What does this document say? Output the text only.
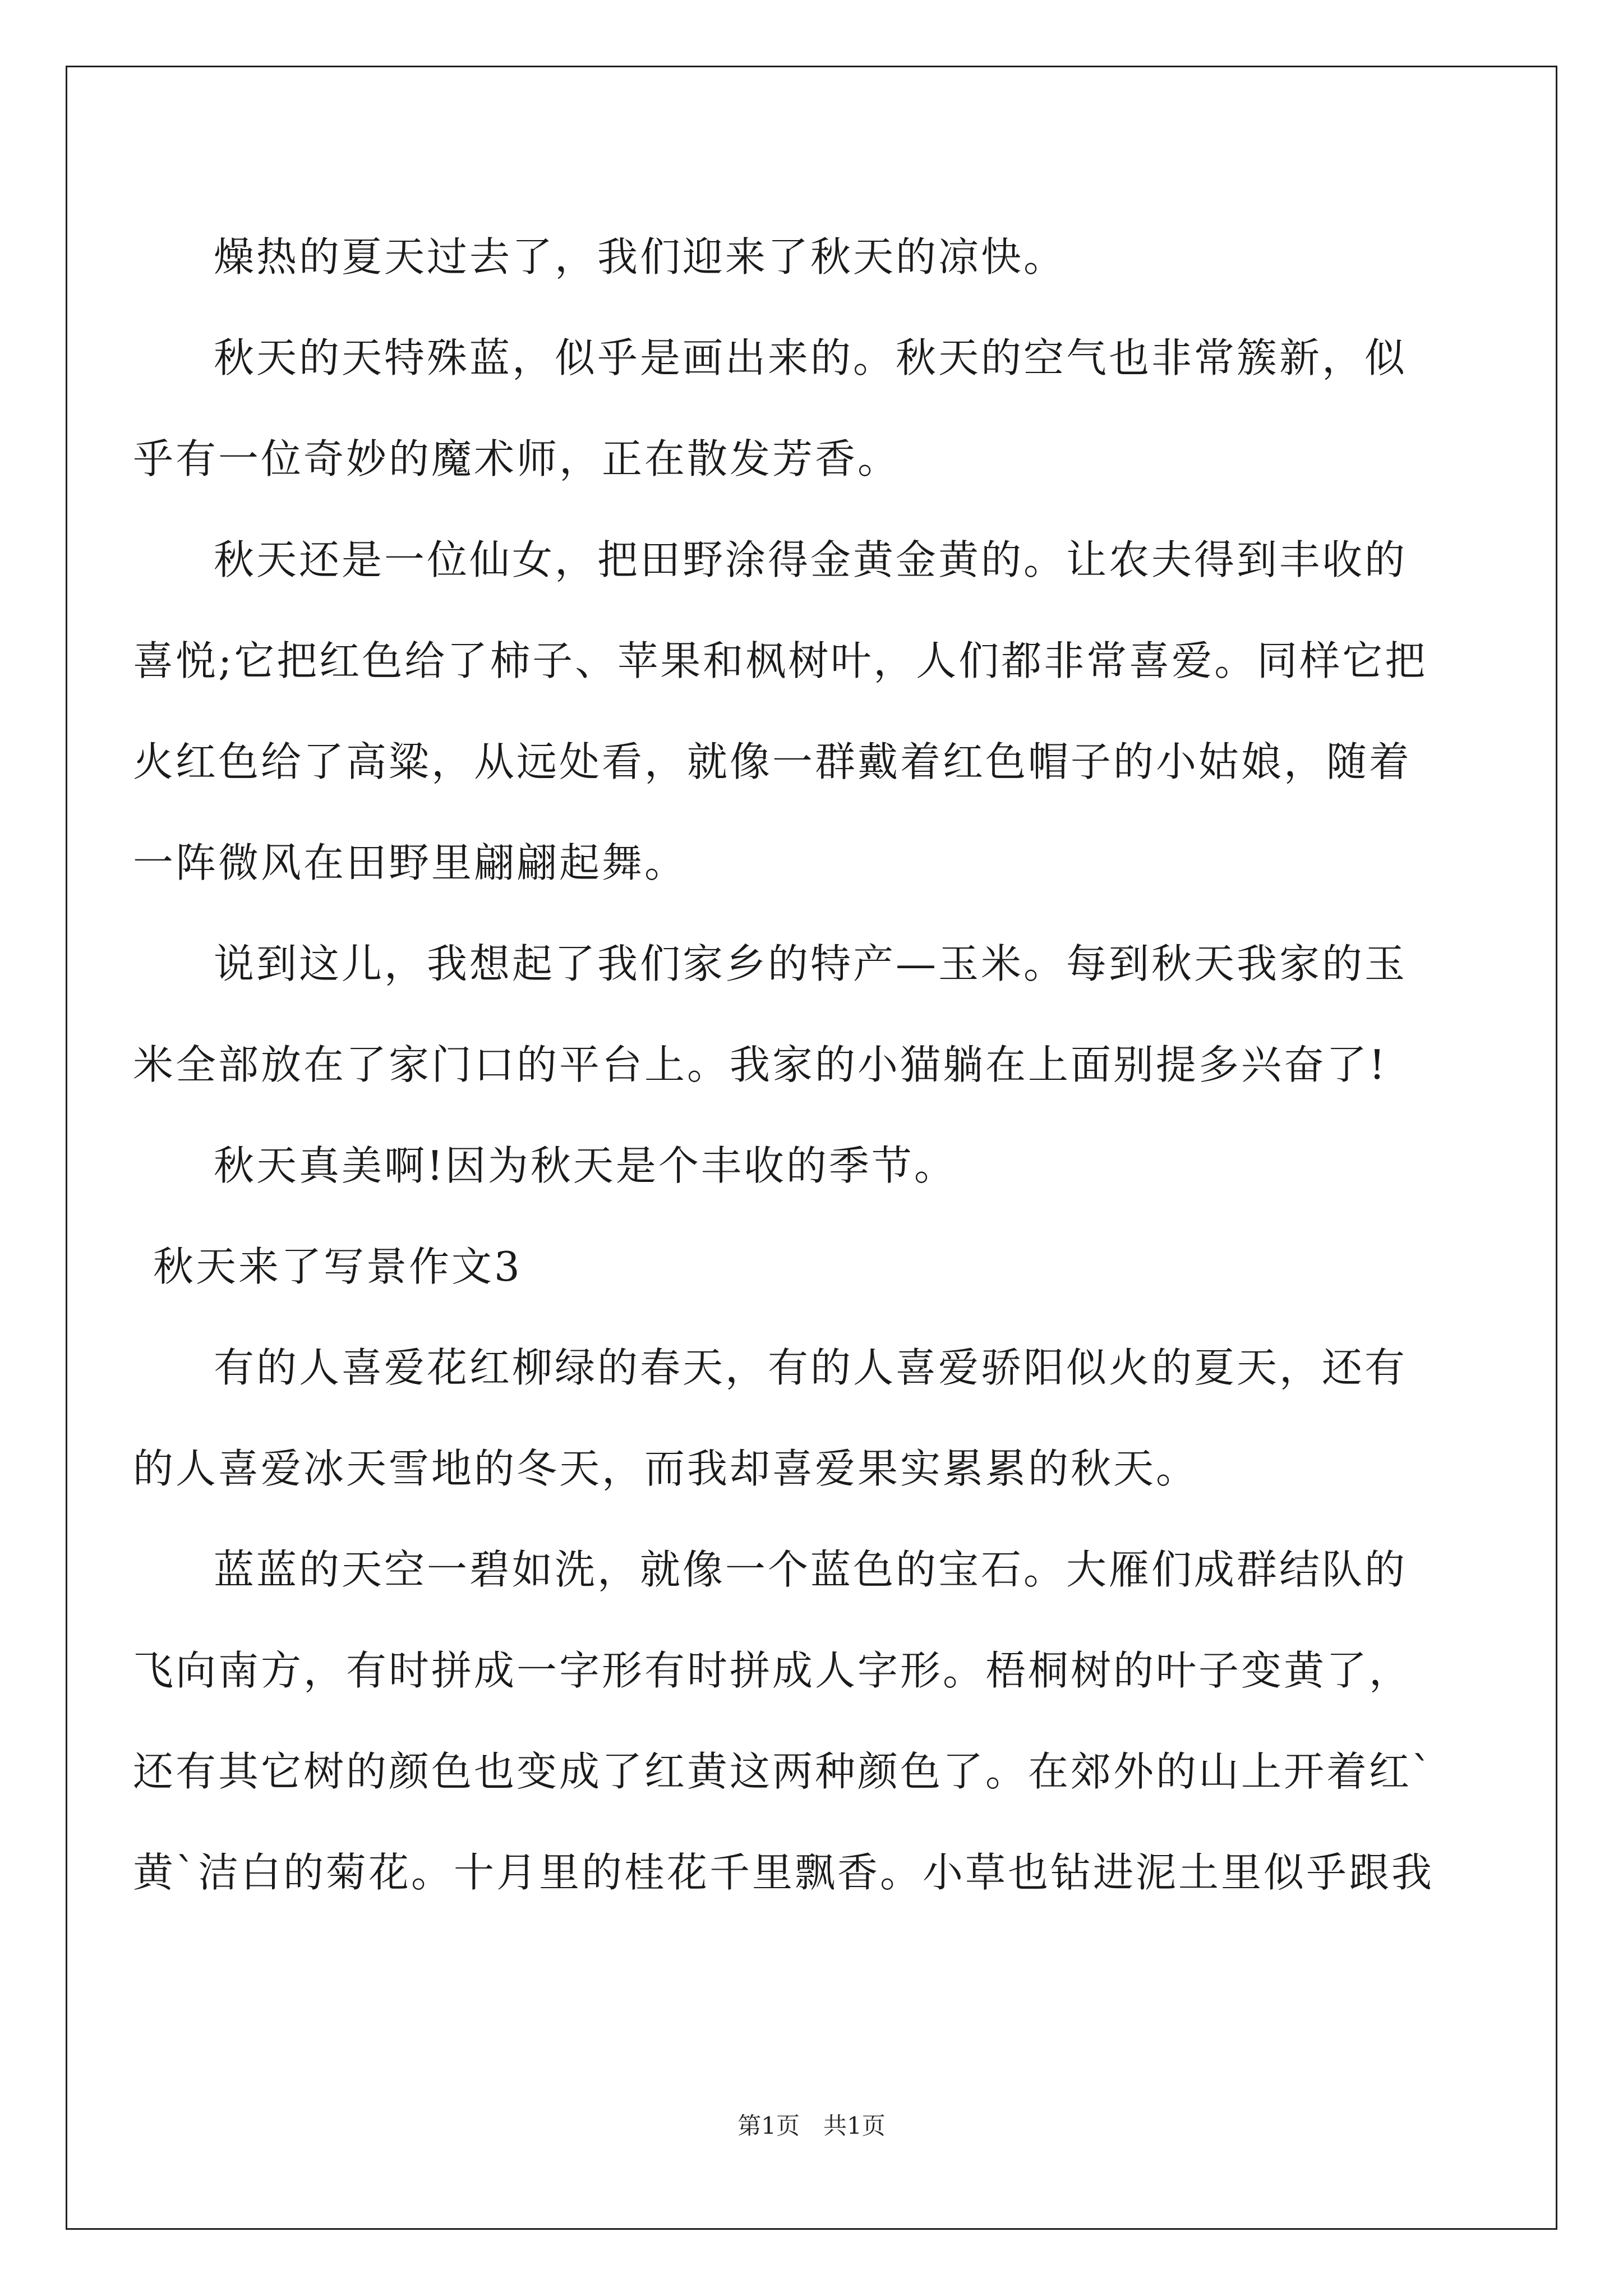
燥热的夏天过去了，我们迎来了秋天的凉快。
秋天的天特殊蓝，似乎是画出来的。秋天的空气也非常簇新，似
乎有一位奇妙的魔术师，正在散发芳香。
秋天还是一位仙女，把田野涂得金黄金黄的。让农夫得到丰收的
喜悦;它把红色给了柿子、苹果和枫树叶，人们都非常喜爱。同样它把
火红色给了高粱，从远处看，就像一群戴着红色帽子的小姑娘，随着
一阵微风在田野里翩翩起舞。
说到这儿，我想起了我们家乡的特产—玉米。每到秋天我家的玉
米全部放在了家门口的平台上。我家的小猫躺在上面别提多兴奋了!
秋天真美啊!因为秋天是个丰收的季节。
秋天来了写景作文3
有的人喜爱花红柳绿的春天，有的人喜爱骄阳似火的夏天，还有
的人喜爱冰天雪地的冬天，而我却喜爱果实累累的秋天。
蓝蓝的天空一碧如洗，就像一个蓝色的宝石。大雁们成群结队的
飞向南方，有时拼成一字形有时拼成人字形。梧桐树的叶子变黄了，
还有其它树的颜色也变成了红黄这两种颜色了。在郊外的山上开着红`
黄`洁白的菊花。十月里的桂花千里飘香。小草也钻进泥土里似乎跟我
第1页　共1页
